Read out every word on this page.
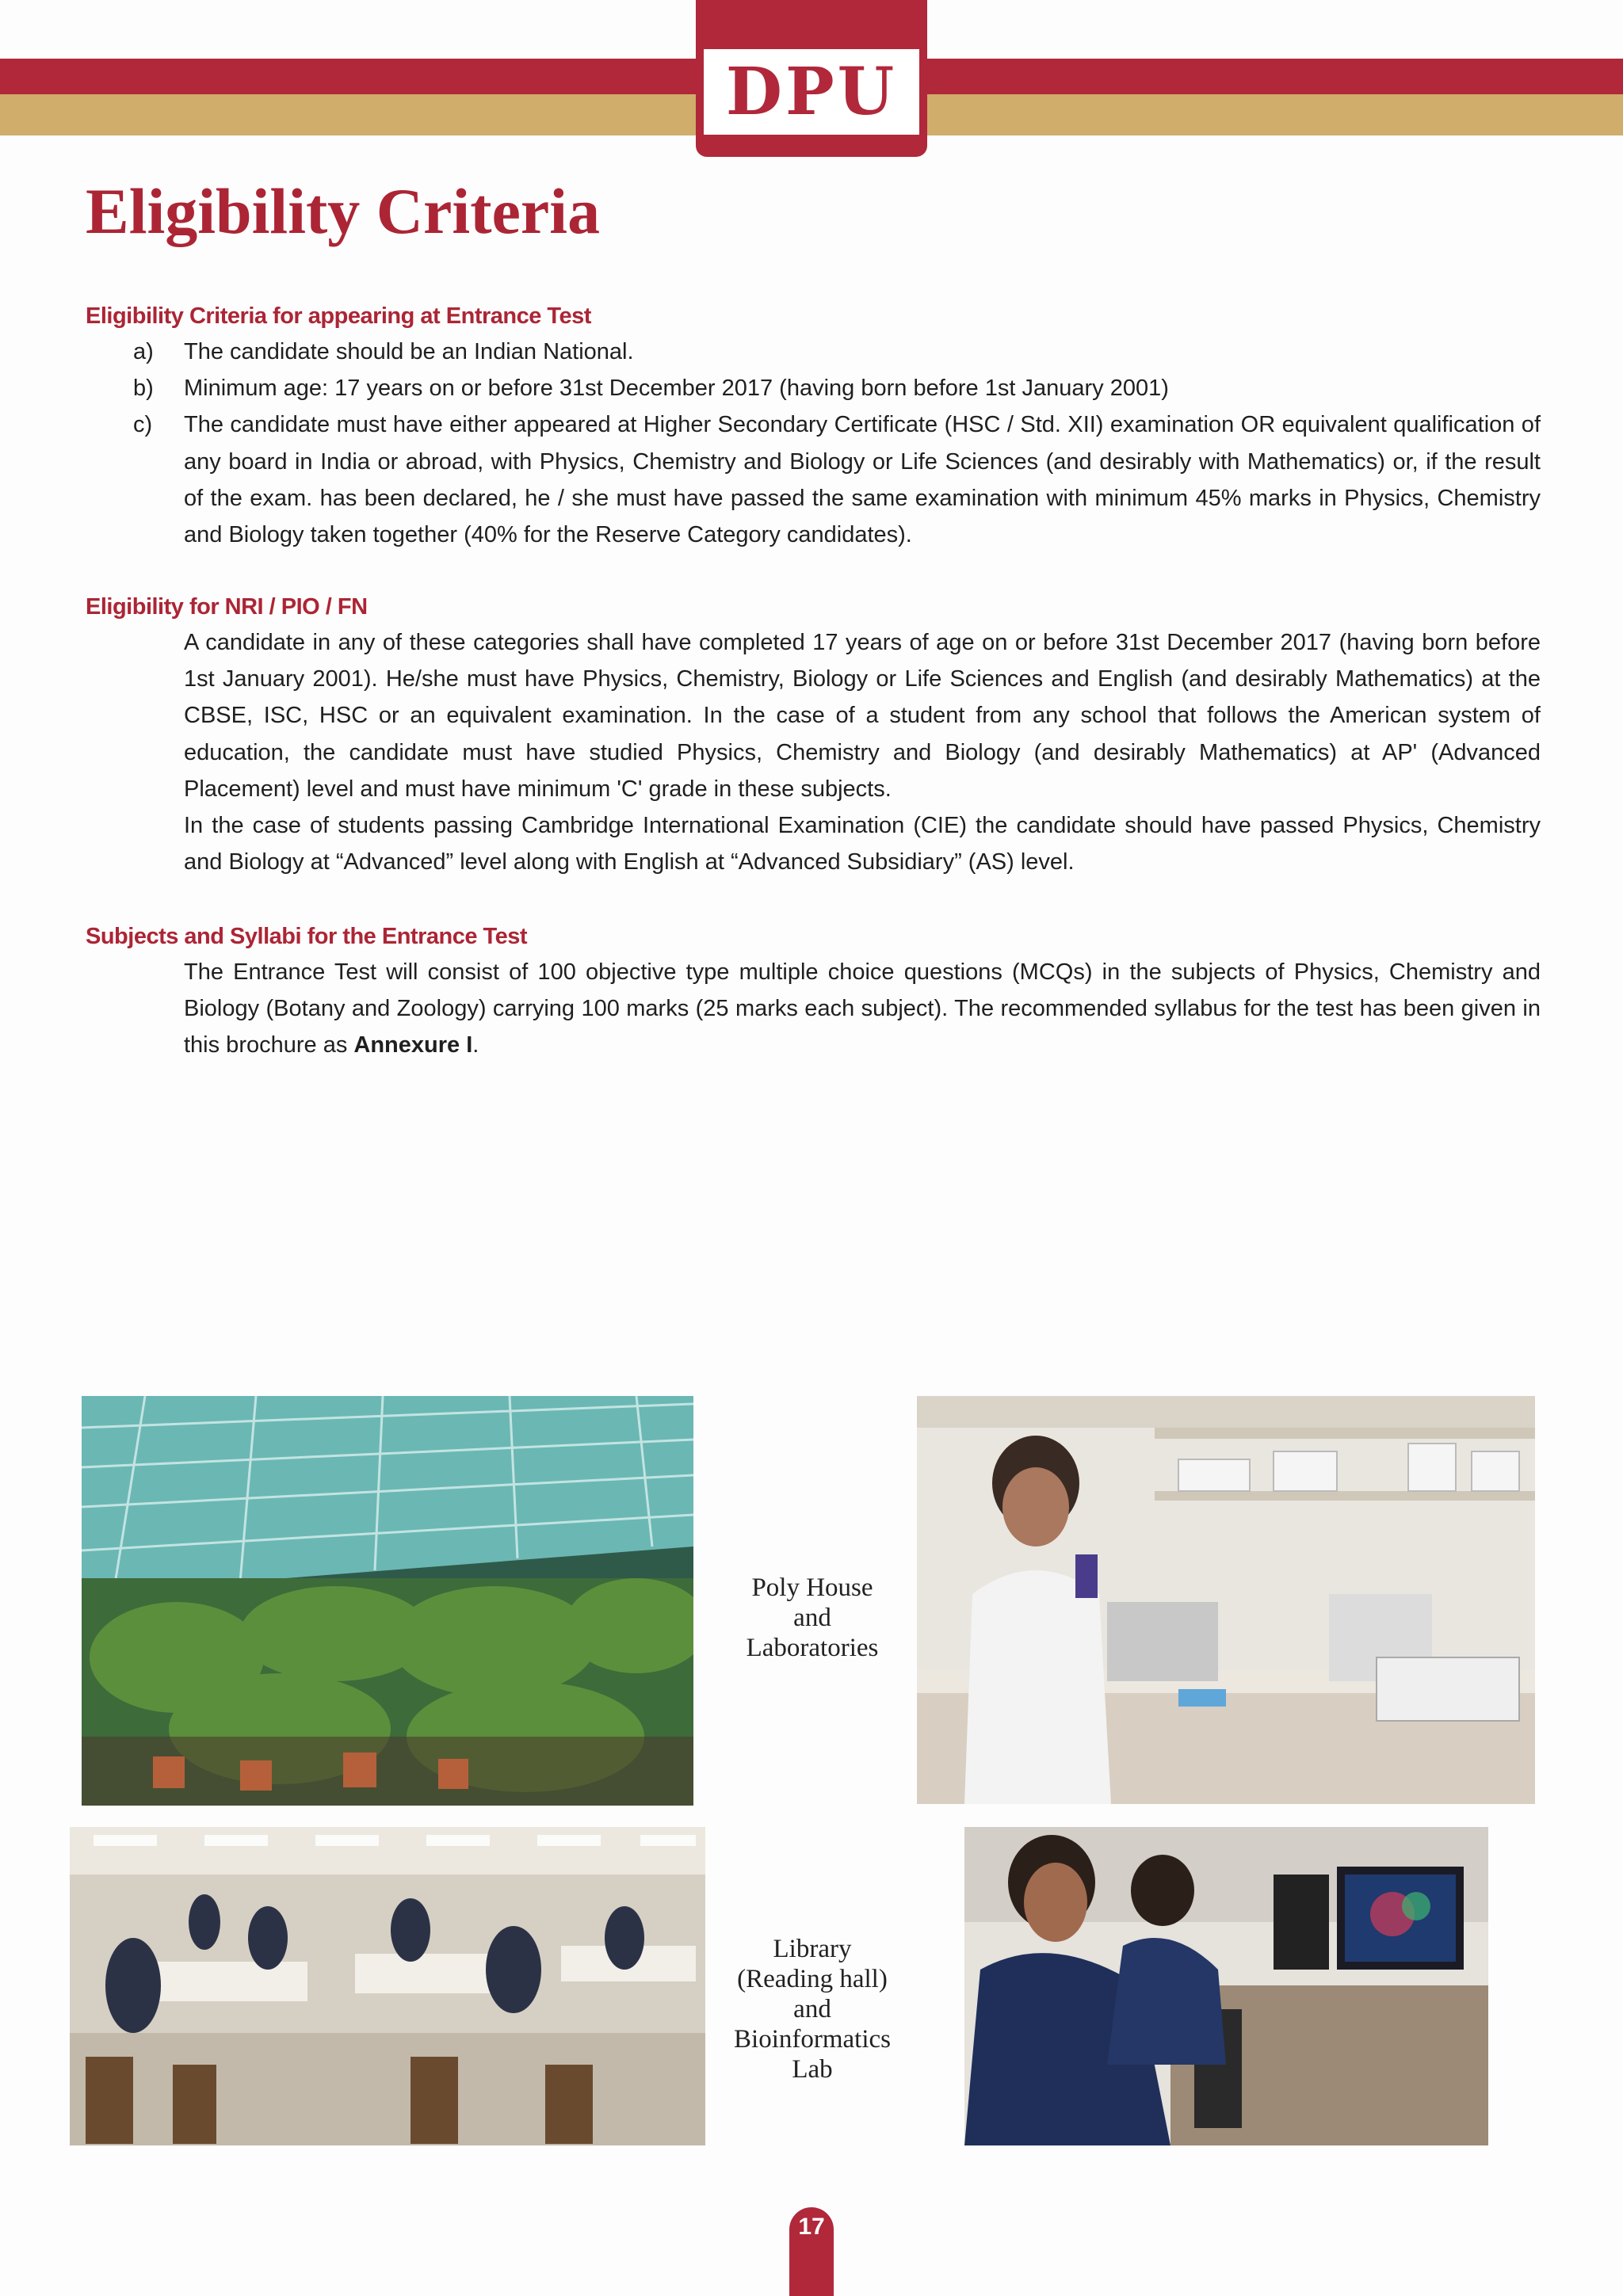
DPU
Eligibility Criteria
Eligibility Criteria for appearing at Entrance Test
a)	The candidate should be an Indian National.
b)	Minimum age: 17 years on or before 31st December 2017 (having born before 1st January 2001)
c)	The candidate must have either appeared at Higher Secondary Certificate (HSC / Std. XII) examination OR equivalent qualification of any board in India or abroad, with Physics, Chemistry and Biology or Life Sciences (and desirably with Mathematics) or, if the result of the exam. has been declared, he / she must have passed the same examination with minimum 45% marks in Physics, Chemistry and Biology taken together (40% for the Reserve Category candidates).
Eligibility for NRI / PIO / FN
A candidate in any of these categories shall have completed 17 years of age on or before 31st December 2017 (having born before 1st January 2001). He/she must have Physics, Chemistry, Biology or Life Sciences and English (and desirably Mathematics) at the CBSE, ISC, HSC or an equivalent examination. In the case of a student from any school that follows the American system of education, the candidate must have studied Physics, Chemistry and Biology (and desirably Mathematics) at AP' (Advanced Placement) level and must have minimum 'C' grade in these subjects.
In the case of students passing Cambridge International Examination (CIE) the candidate should have passed Physics, Chemistry and Biology at “Advanced” level along with English at “Advanced Subsidiary” (AS) level.
Subjects and Syllabi for the Entrance Test
The Entrance Test will consist of 100 objective type multiple choice questions (MCQs) in the subjects of Physics, Chemistry and Biology (Botany and Zoology) carrying 100 marks (25 marks each subject). The recommended syllabus for the test has been given in this brochure as Annexure I.
Poly House
and
Laboratories
Library
(Reading hall)
and
Bioinformatics
Lab
17
